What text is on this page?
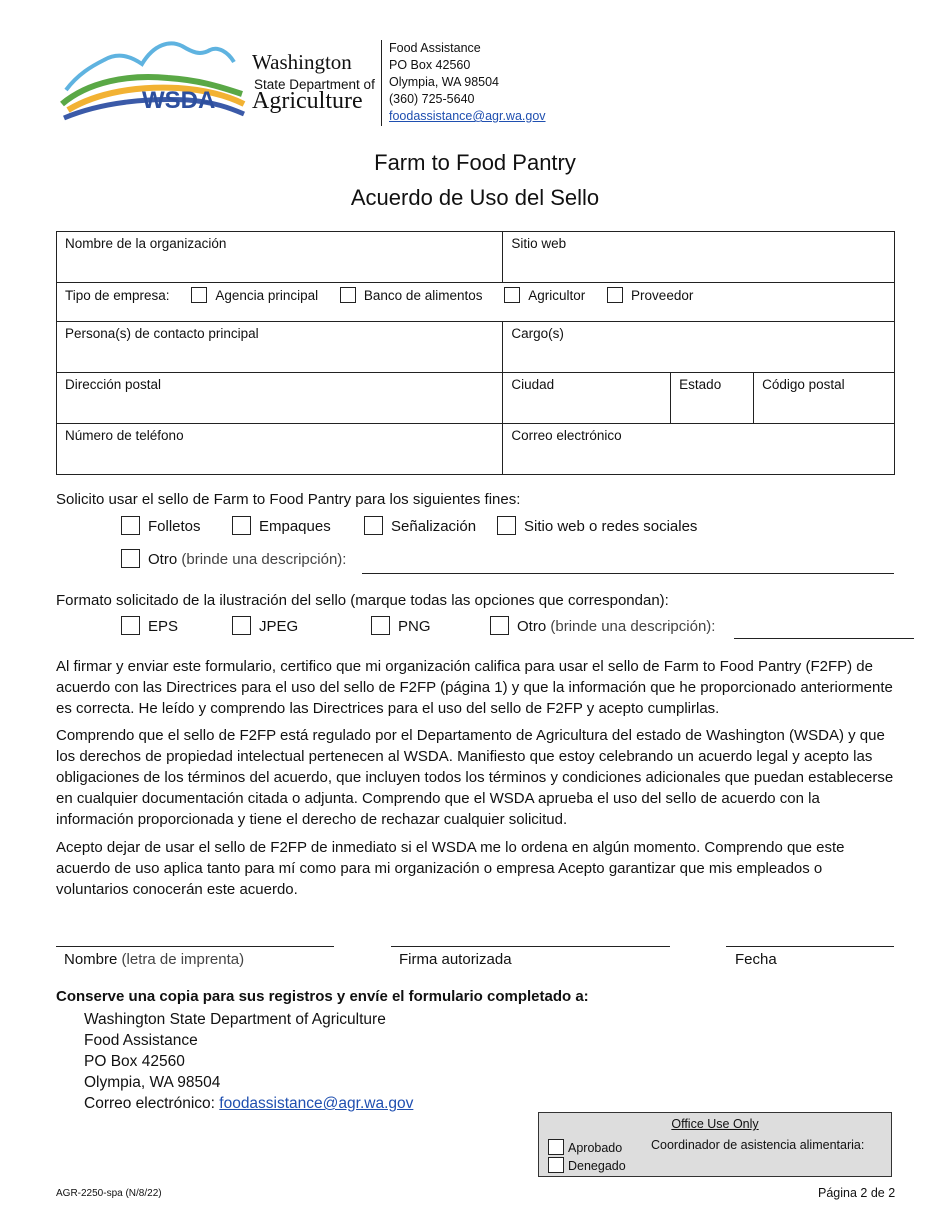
WSDA
Washington
State Department of
Agriculture
Food Assistance
PO Box 42560
Olympia, WA 98504
(360) 725-5640
foodassistance@agr.wa.gov
Farm to Food Pantry
Acuerdo de Uso del Sello
Nombre de la organización	Sitio web		
Tipo de empresa: Agencia principal Banco de alimentos Agricultor Proveedor			
Persona(s) de contacto principal	Cargo(s)		
Dirección postal	Ciudad	Estado	Código postal
Número de teléfono	Correo electrónico		
Solicito usar el sello de Farm to Food Pantry para los siguientes fines:
Folletos	Empaques	Señalización	Sitio web o redes sociales
Otro (brinde una descripción):
Formato solicitado de la ilustración del sello (marque todas las opciones que correspondan):
EPS	JPEG	PNG	Otro (brinde una descripción):
Al firmar y enviar este formulario, certifico que mi organización califica para usar el sello de Farm to Food Pantry (F2FP) de acuerdo con las Directrices para el uso del sello de F2FP (página 1) y que la información que he proporcionado anteriormente es correcta. He leído y comprendo las Directrices para el uso del sello de F2FP y acepto cumplirlas.
Comprendo que el sello de F2FP está regulado por el Departamento de Agricultura del estado de Washington (WSDA) y que los derechos de propiedad intelectual pertenecen al WSDA. Manifiesto que estoy celebrando un acuerdo legal y acepto las obligaciones de los términos del acuerdo, que incluyen todos los términos y condiciones adicionales que puedan establecerse en cualquier documentación citada o adjunta. Comprendo que el WSDA aprueba el uso del sello de acuerdo con la información proporcionada y tiene el derecho de rechazar cualquier solicitud.
Acepto dejar de usar el sello de F2FP de inmediato si el WSDA me lo ordena en algún momento. Comprendo que este acuerdo de uso aplica tanto para mí como para mi organización o empresa Acepto garantizar que mis empleados o voluntarios conocerán este acuerdo.
Nombre (letra de imprenta)	Firma autorizada	Fecha
Conserve una copia para sus registros y envíe el formulario completado a:
Washington State Department of Agriculture
Food Assistance
PO Box 42560
Olympia, WA 98504
Correo electrónico: foodassistance@agr.wa.gov
Office Use Only
Aprobado
Denegado
Coordinador de asistencia alimentaria:
AGR-2250-spa (N/8/22)	Página 2 de 2
